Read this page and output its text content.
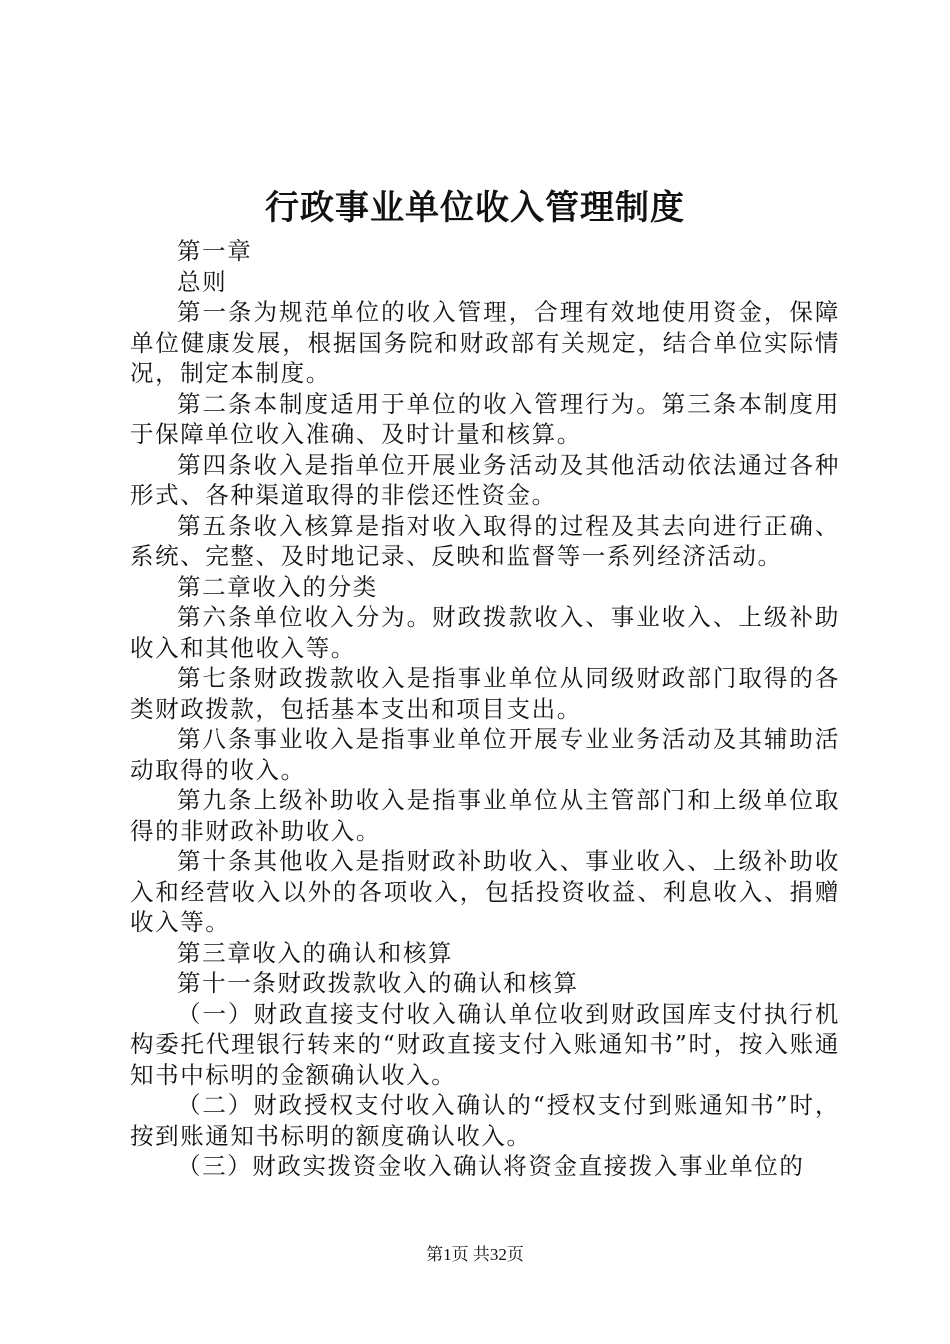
行政事业单位收入管理制度

第一章

总则

第一条为规范单位的收入管理，合理有效地使用资金，保障单位健康发展，根据国务院和财政部有关规定，结合单位实际情况，制定本制度。

第二条本制度适用于单位的收入管理行为。第三条本制度用于保障单位收入准确、及时计量和核算。

第四条收入是指单位开展业务活动及其他活动依法通过各种形式、各种渠道取得的非偿还性资金。

第五条收入核算是指对收入取得的过程及其去向进行正确、系统、完整、及时地记录、反映和监督等一系列经济活动。

第二章收入的分类

第六条单位收入分为。财政拨款收入、事业收入、上级补助收入和其他收入等。

第七条财政拨款收入是指事业单位从同级财政部门取得的各类财政拨款，包括基本支出和项目支出。

第八条事业收入是指事业单位开展专业业务活动及其辅助活动取得的收入。

第九条上级补助收入是指事业单位从主管部门和上级单位取得的非财政补助收入。

第十条其他收入是指财政补助收入、事业收入、上级补助收入和经营收入以外的各项收入，包括投资收益、利息收入、捐赠收入等。

第三章收入的确认和核算

第十一条财政拨款收入的确认和核算

（一）财政直接支付收入确认单位收到财政国库支付执行机构委托代理银行转来的“财政直接支付入账通知书”时，按入账通知书中标明的金额确认收入。

（二）财政授权支付收入确认的“授权支付到账通知书”时，按到账通知书标明的额度确认收入。

（三）财政实拨资金收入确认将资金直接拨入事业单位的

第1页 共32页
